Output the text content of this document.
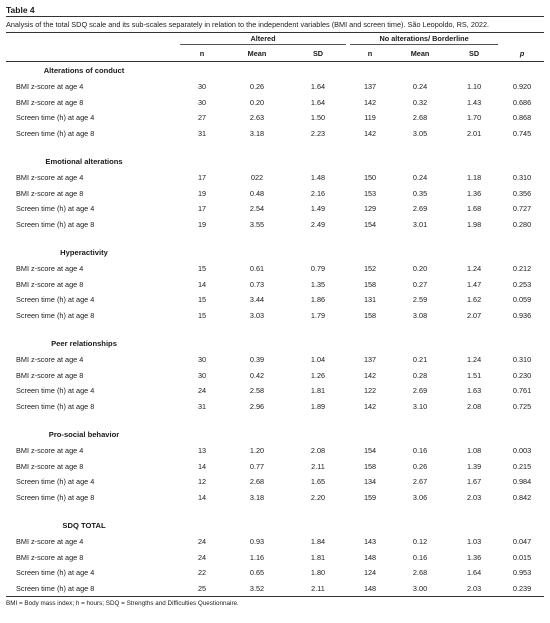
Table 4
Analysis of the total SDQ scale and its sub-scales separately in relation to the independent variables (BMI and screen time). São Leopoldo, RS, 2022.

	Altered			No alterations/ Borderline			

	n	Mean	SD	n	Mean	SD	p
Alterations of conduct							
BMI z-score at age 4	30	0.26	1.64	137	0.24	1.10	0.920
BMI z-score at age 8	30	0.20	1.64	142	0.32	1.43	0.686
Screen time (h) at age 4	27	2.63	1.50	119	2.68	1.70	0.868
Screen time (h) at age 8	31	3.18	2.23	142	3.05	2.01	0.745

Emotional alterations							
BMI z-score at age 4	17	022	1.48	150	0.24	1.18	0.310
BMI z-score at age 8	19	0.48	2.16	153	0.35	1.36	0.356
Screen time (h) at age 4	17	2.54	1.49	129	2.69	1.68	0.727
Screen time (h) at age 8	19	3.55	2.49	154	3.01	1.98	0.280

Hyperactivity							
BMI z-score at age 4	15	0.61	0.79	152	0.20	1.24	0.212
BMI z-score at age 8	14	0.73	1.35	158	0.27	1.47	0.253
Screen time (h) at age 4	15	3.44	1.86	131	2.59	1.62	0.059
Screen time (h) at age 8	15	3.03	1.79	158	3.08	2.07	0.936

Peer relationships							
BMI z-score at age 4	30	0.39	1.04	137	0.21	1.24	0.310
BMI z-score at age 8	30	0.42	1.26	142	0.28	1.51	0.230
Screen time (h) at age 4	24	2.58	1.81	122	2.69	1.63	0.761
Screen time (h) at age 8	31	2.96	1.89	142	3.10	2.08	0.725

Pro-social behavior							
BMI z-score at age 4	13	1.20	2.08	154	0.16	1.08	0.003
BMI z-score at age 8	14	0.77	2.11	158	0.26	1.39	0.215
Screen time (h) at age 4	12	2.68	1.65	134	2.67	1.67	0.984
Screen time (h) at age 8	14	3.18	2.20	159	3.06	2.03	0.842

SDQ TOTAL							
BMI z-score at age 4	24	0.93	1.84	143	0.12	1.03	0.047
BMI z-score at age 8	24	1.16	1.81	148	0.16	1.36	0.015
Screen time (h) at age 4	22	0.65	1.80	124	2.68	1.64	0.953
Screen time (h) at age 8	25	3.52	2.11	148	3.00	2.03	0.239
BMI = Body mass index; h = hours; SDQ = Strengths and Difficulties Questionnaire.
